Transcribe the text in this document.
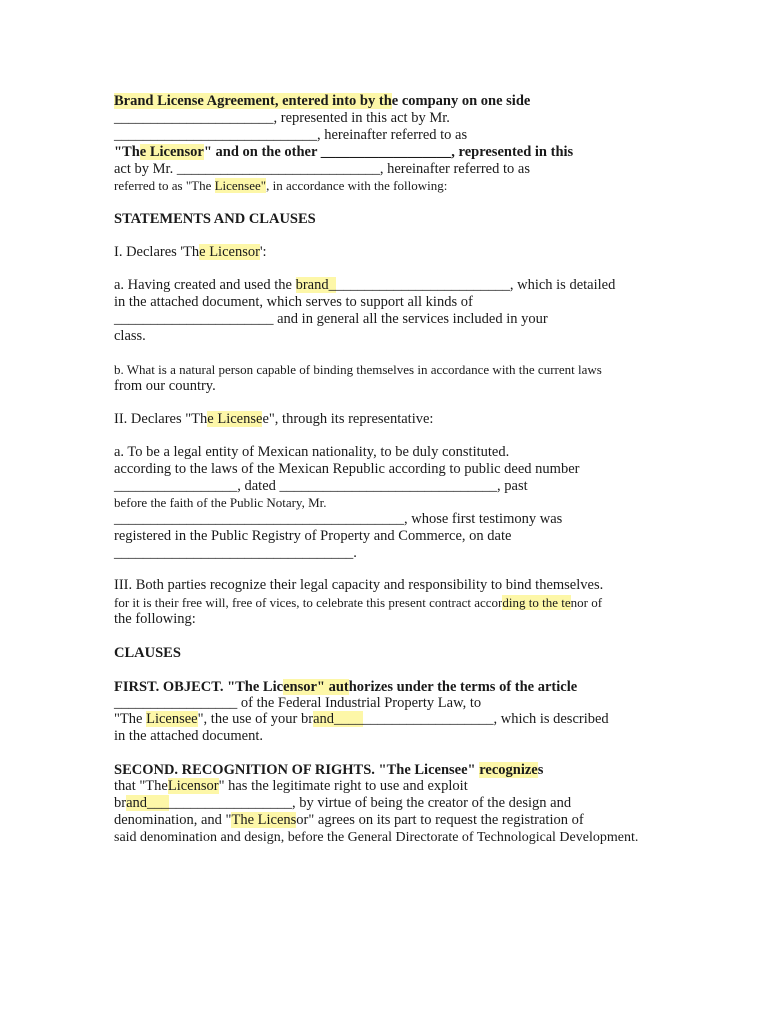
Brand License Agreement, entered into by the company on one side
______________________, represented in this act by Mr.
____________________________, hereinafter referred to as
"The Licensor" and on the other __________________, represented in this
act by Mr. ____________________________, hereinafter referred to as
referred to as "The Licensee", in accordance with the following:
STATEMENTS AND CLAUSES
I. Declares 'The Licensor':
a. Having created and used the brand_________________________, which is detailed
in the attached document, which serves to support all kinds of
______________________ and in general all the services included in your
class.
b. What is a natural person capable of binding themselves in accordance with the current laws
from our country.
II. Declares "The Licensee", through its representative:
a. To be a legal entity of Mexican nationality, to be duly constituted.
according to the laws of the Mexican Republic according to public deed number
_________________, dated ______________________________, past
before the faith of the Public Notary, Mr.
________________________________________, whose first testimony was
registered in the Public Registry of Property and Commerce, on date
_________________________________.
III. Both parties recognize their legal capacity and responsibility to bind themselves.
for it is their free will, free of vices, to celebrate this present contract according to the tenor of
the following:
CLAUSES
FIRST. OBJECT. "The Licensor" authorizes under the terms of the article
_________________ of the Federal Industrial Property Law, to
"The Licensee", the use of your brand______________________, which is described
in the attached document.
SECOND. RECOGNITION OF RIGHTS. "The Licensee" recognizes
that "TheLicensor" has the legitimate right to use and exploit
brand____________________, by virtue of being the creator of the design and
denomination, and "The Licensor" agrees on its part to request the registration of
said denomination and design, before the General Directorate of Technological Development.
